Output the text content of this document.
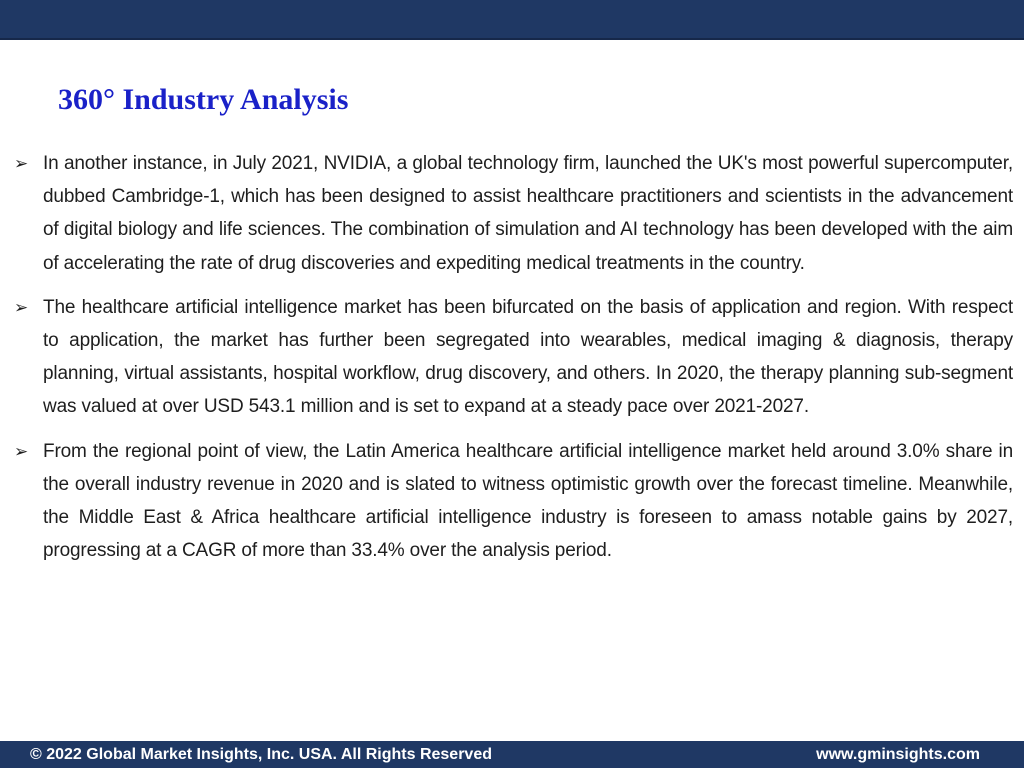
360° Industry Analysis
➢ In another instance, in July 2021, NVIDIA, a global technology firm, launched the UK's most powerful supercomputer, dubbed Cambridge-1, which has been designed to assist healthcare practitioners and scientists in the advancement of digital biology and life sciences. The combination of simulation and AI technology has been developed with the aim of accelerating the rate of drug discoveries and expediting medical treatments in the country.
➢ The healthcare artificial intelligence market has been bifurcated on the basis of application and region. With respect to application, the market has further been segregated into wearables, medical imaging & diagnosis, therapy planning, virtual assistants, hospital workflow, drug discovery, and others. In 2020, the therapy planning sub-segment was valued at over USD 543.1 million and is set to expand at a steady pace over 2021-2027.
➢ From the regional point of view, the Latin America healthcare artificial intelligence market held around 3.0% share in the overall industry revenue in 2020 and is slated to witness optimistic growth over the forecast timeline. Meanwhile, the Middle East & Africa healthcare artificial intelligence industry is foreseen to amass notable gains by 2027, progressing at a CAGR of more than 33.4% over the analysis period.
© 2022 Global Market Insights, Inc. USA. All Rights Reserved	www.gminsights.com
